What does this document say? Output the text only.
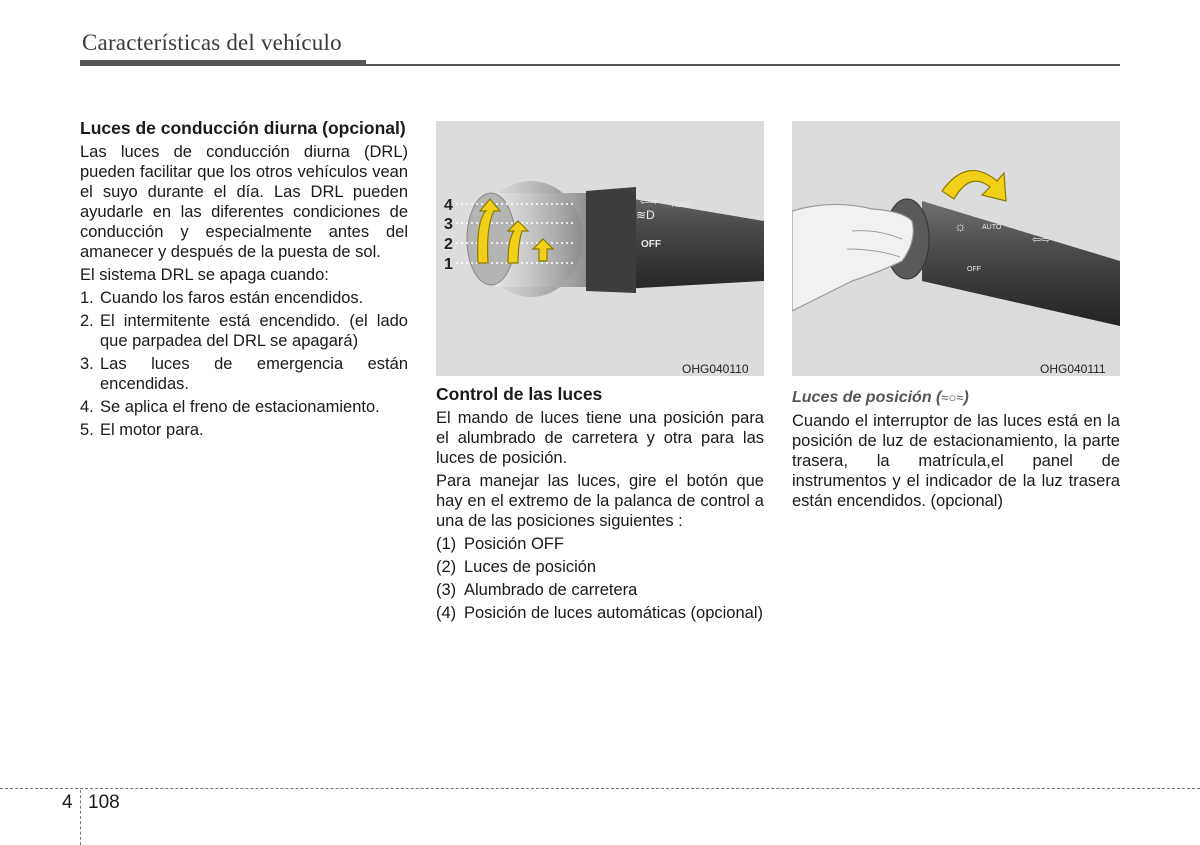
Características del vehículo

Luces de conducción diurna (opcional)

Las luces de conducción diurna (DRL) pueden facilitar que los otros vehículos vean el suyo durante el día. Las DRL pueden ayudarle en las diferentes condiciones de conducción y especialmente antes del amanecer y después de la puesta de sol.

El sistema DRL se apaga cuando:

1. Cuando los faros están encendidos.
2. El intermitente está encendido. (el lado que parpadea del DRL se apagará)
3. Las luces de emergencia están encendidas.
4. Se aplica el freno de estacionamiento.
5. El motor para.
4
3
2
1
OFF
AUTO
≋D
⇦⇨
OHG040110

Control de las luces

El mando de luces tiene una posición para el alumbrado de carretera y otra para las luces de posición.

Para manejar las luces, gire el botón que hay en el extremo de la palanca de control a una de las posiciones siguientes :

(1) Posición OFF
(2) Luces de posición
(3) Alumbrado de carretera
(4) Posición de luces automáticas (opcional)
AUTO
OFF
☼
⇦⇨
OHG040111

Luces de posición (≈○≈)

Cuando el interruptor de las luces está en la posición de luz de estacionamiento, la parte trasera, la matrícula,el panel de instrumentos y el indicador de la luz trasera están encendidos. (opcional)

4 108
